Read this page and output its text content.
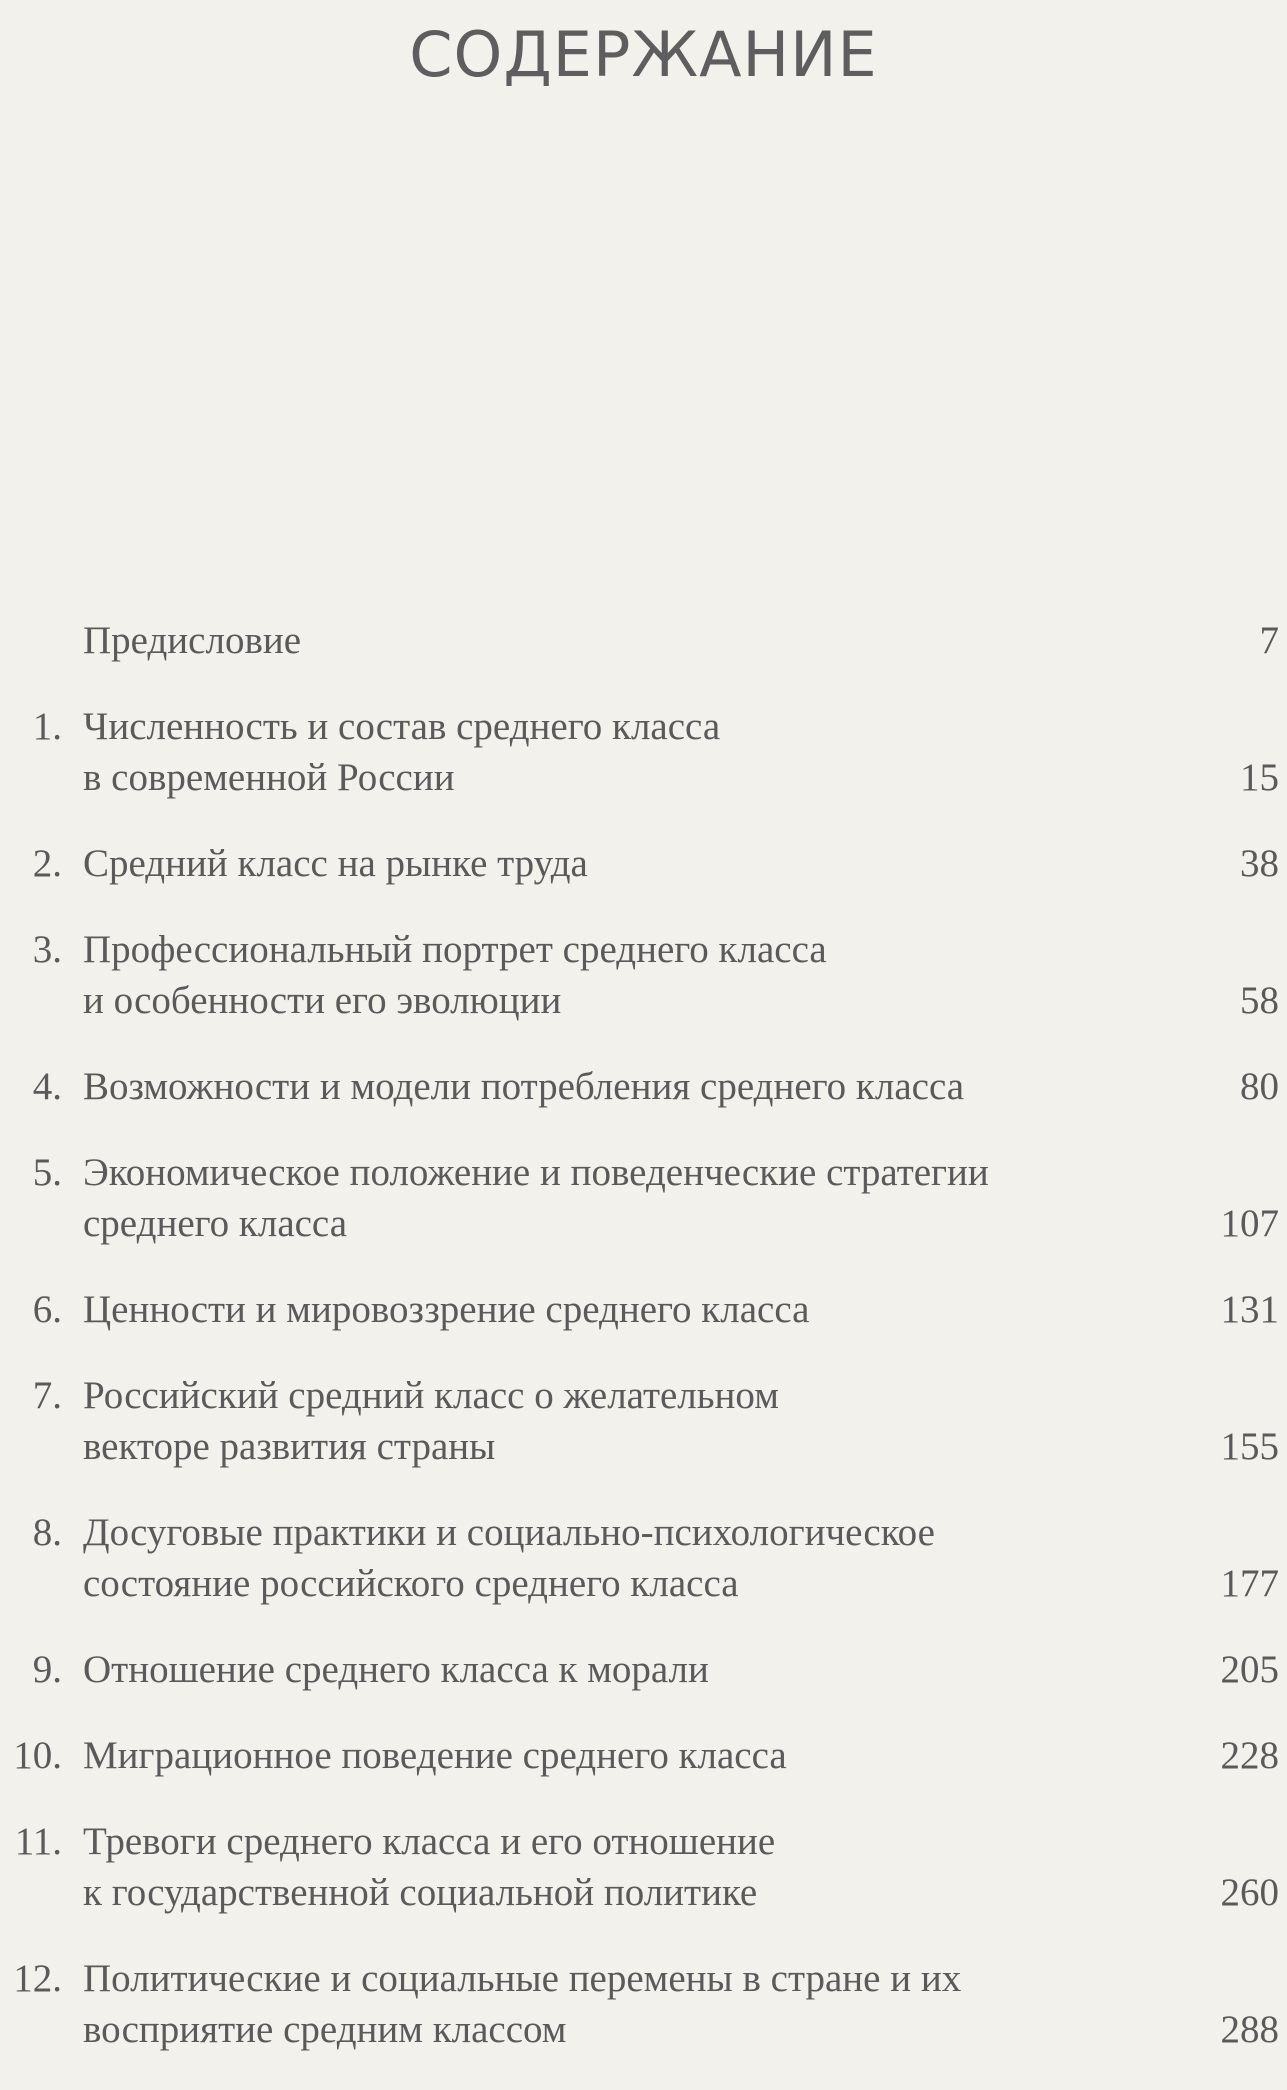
СОДЕРЖАНИЕ
Предисловие	7
1. Численность и состав среднего класса
в современной России	15
2. Средний класс на рынке труда	38
3. Профессиональный портрет среднего класса
и особенности его эволюции	58
4. Возможности и модели потребления среднего класса	80
5. Экономическое положение и поведенческие стратегии
среднего класса	107
6. Ценности и мировоззрение среднего класса	131
7. Российский средний класс о желательном
векторе развития страны	155
8. Досуговые практики и социально-психологическое
состояние российского среднего класса	177
9. Отношение среднего класса к морали	205
10. Миграционное поведение среднего класса	228
11. Тревоги среднего класса и его отношение
к государственной социальной политике	260
12. Политические и социальные перемены в стране и их
восприятие средним классом	288
